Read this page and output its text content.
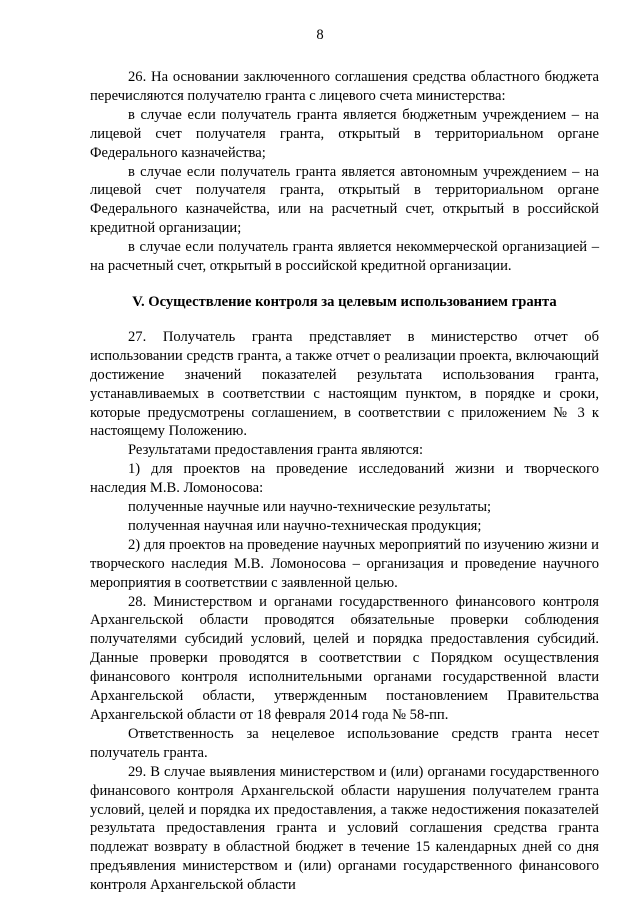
8

26. На основании заключенного соглашения средства областного бюджета перечисляются получателю гранта с лицевого счета министерства:

в случае если получатель гранта является бюджетным учреждением – на лицевой счет получателя гранта, открытый в территориальном органе Федерального казначейства;

в случае если получатель гранта является автономным учреждением – на лицевой счет получателя гранта, открытый в территориальном органе Федерального казначейства, или на расчетный счет, открытый в российской кредитной организации;

в случае если получатель гранта является некоммерческой организацией – на расчетный счет, открытый в российской кредитной организации.

V. Осуществление контроля за целевым использованием гранта

27. Получатель гранта представляет в министерство отчет об использовании средств гранта, а также отчет о реализации проекта, включающий достижение значений показателей результата использования гранта, устанавливаемых в соответствии с настоящим пунктом, в порядке и сроки, которые предусмотрены соглашением, в соответствии с приложением № 3 к настоящему Положению.

Результатами предоставления гранта являются:

1) для проектов на проведение исследований жизни и творческого наследия М.В. Ломоносова:

полученные научные или научно-технические результаты;

полученная научная или научно-техническая продукция;

2) для проектов на проведение научных мероприятий по изучению жизни и творческого наследия М.В. Ломоносова – организация и проведение научного мероприятия в соответствии с заявленной целью.

28. Министерством и органами государственного финансового контроля Архангельской области проводятся обязательные проверки соблюдения получателями субсидий условий, целей и порядка предоставления субсидий. Данные проверки проводятся в соответствии с Порядком осуществления финансового контроля исполнительными органами государственной власти Архангельской области, утвержденным постановлением Правительства Архангельской области от 18 февраля 2014 года № 58-пп.

Ответственность за нецелевое использование средств гранта несет получатель гранта.

29. В случае выявления министерством и (или) органами государственного финансового контроля Архангельской области нарушения получателем гранта условий, целей и порядка их предоставления, а также недостижения показателей результата предоставления гранта и условий соглашения средства гранта подлежат возврату в областной бюджет в течение 15 календарных дней со дня предъявления министерством и (или) органами государственного финансового контроля Архангельской области
